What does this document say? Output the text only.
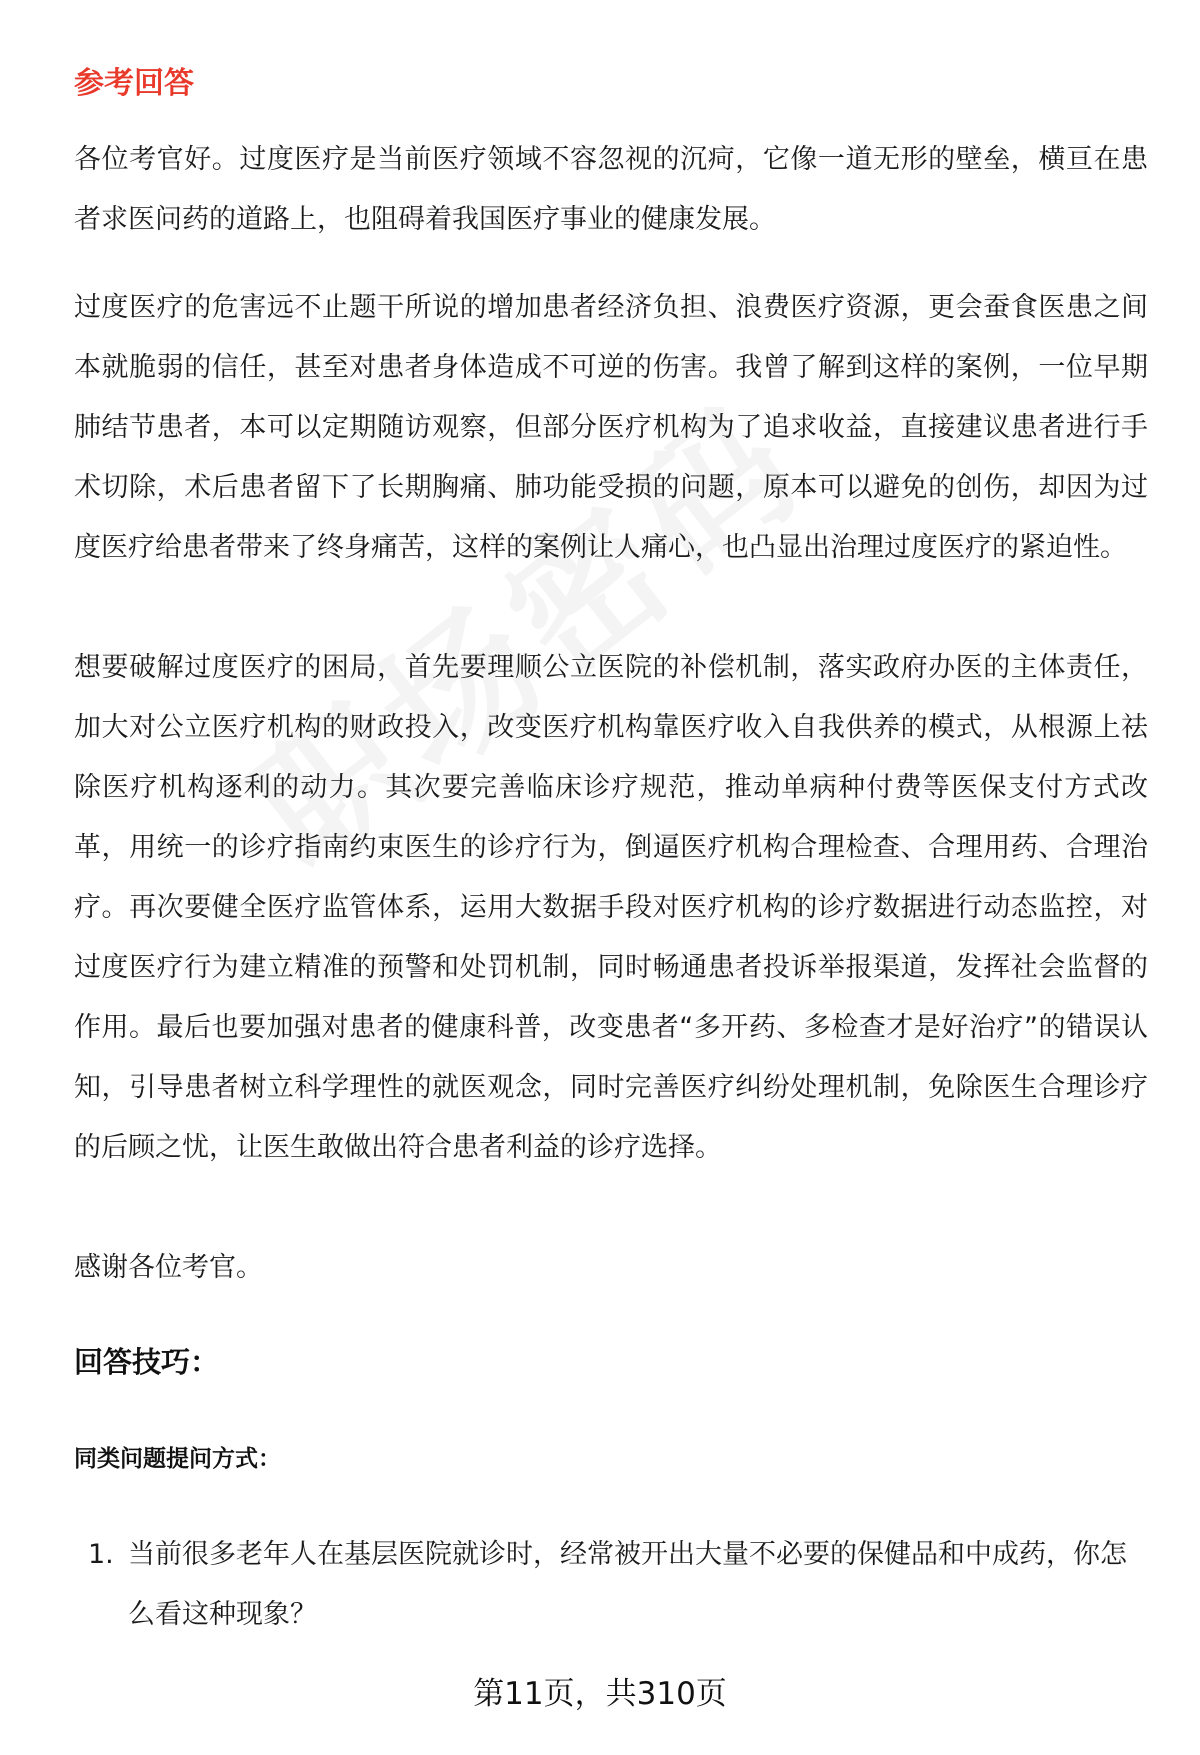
参考回答

各位考官好。过度医疗是当前医疗领域不容忽视的沉疴，它像一道无形的壁垒，横亘在患者求医问药的道路上，也阻碍着我国医疗事业的健康发展。

过度医疗的危害远不止题干所说的增加患者经济负担、浪费医疗资源，更会蚕食医患之间本就脆弱的信任，甚至对患者身体造成不可逆的伤害。我曾了解到这样的案例，一位早期肺结节患者，本可以定期随访观察，但部分医疗机构为了追求收益，直接建议患者进行手术切除，术后患者留下了长期胸痛、肺功能受损的问题，原本可以避免的创伤，却因为过度医疗给患者带来了终身痛苦，这样的案例让人痛心，也凸显出治理过度医疗的紧迫性。

想要破解过度医疗的困局，首先要理顺公立医院的补偿机制，落实政府办医的主体责任，加大对公立医疗机构的财政投入，改变医疗机构靠医疗收入自我供养的模式，从根源上祛除医疗机构逐利的动力。其次要完善临床诊疗规范，推动单病种付费等医保支付方式改革，用统一的诊疗指南约束医生的诊疗行为，倒逼医疗机构合理检查、合理用药、合理治疗。再次要健全医疗监管体系，运用大数据手段对医疗机构的诊疗数据进行动态监控，对过度医疗行为建立精准的预警和处罚机制，同时畅通患者投诉举报渠道，发挥社会监督的作用。最后也要加强对患者的健康科普，改变患者“多开药、多检查才是好治疗”的错误认知，引导患者树立科学理性的就医观念，同时完善医疗纠纷处理机制，免除医生合理诊疗的后顾之忧，让医生敢做出符合患者利益的诊疗选择。

感谢各位考官。

回答技巧：
同类问题提问方式：
1. 当前很多老年人在基层医院就诊时，经常被开出大量不必要的保健品和中成药，你怎么看这种现象？
第11页，共310页
